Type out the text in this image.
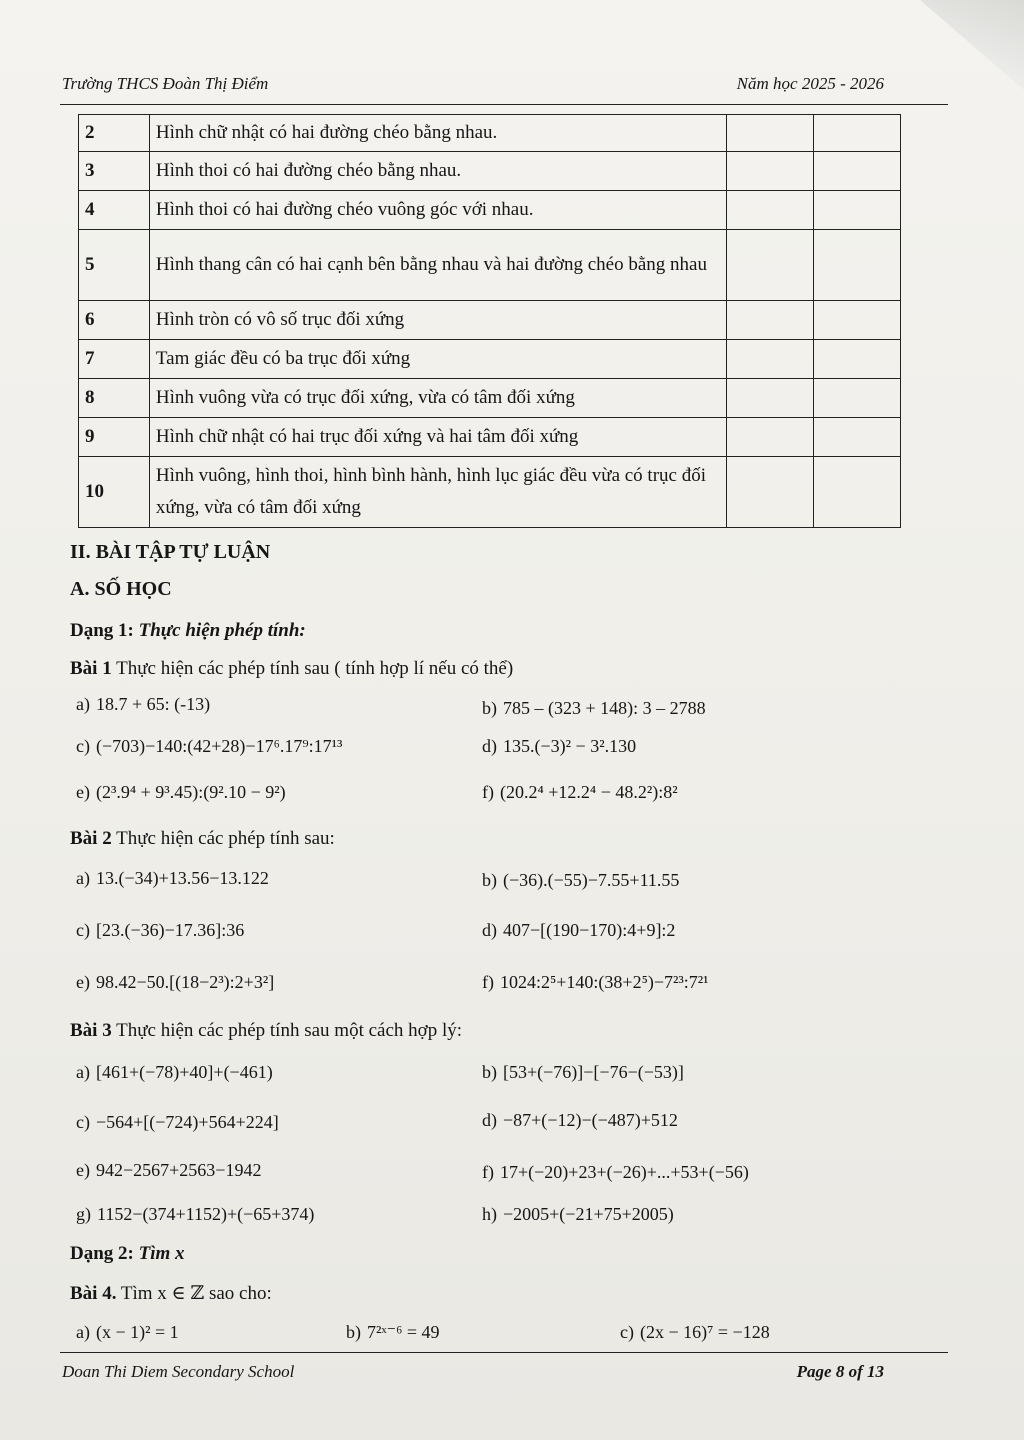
Trường THCS Đoàn Thị Điểm	Năm học 2025 - 2026
2	Hình chữ nhật có hai đường chéo bằng nhau.		
3	Hình thoi có hai đường chéo bằng nhau.		
4	Hình thoi có hai đường chéo vuông góc với nhau.		
5	Hình thang cân có hai cạnh bên bằng nhau và hai đường chéo bằng nhau		
6	Hình tròn có vô số trục đối xứng		
7	Tam giác đều có ba trục đối xứng		
8	Hình vuông vừa có trục đối xứng, vừa có tâm đối xứng		
9	Hình chữ nhật có hai trục đối xứng và hai tâm đối xứng		
10	Hình vuông, hình thoi, hình bình hành, hình lục giác đều vừa có trục đối xứng, vừa có tâm đối xứng		
II. BÀI TẬP TỰ LUẬN
A. SỐ HỌC
Dạng 1: Thực hiện phép tính:
Bài 1 Thực hiện các phép tính sau ( tính hợp lí nếu có thể)
a) 18.7 + 65: (-13)	b) 785 – (323 + 148): 3 – 2788
c) (−703)−140:(42+28)−17⁶.17⁹:17¹³	d) 135.(−3)² − 3².130
e) (2³.9⁴ + 9³.45):(9².10 − 9²)	f) (20.2⁴ +12.2⁴ − 48.2²):8²
Bài 2 Thực hiện các phép tính sau:
a) 13.(−34)+13.56−13.122	b) (−36).(−55)−7.55+11.55
c) [23.(−36)−17.36]:36	d) 407−[(190−170):4+9]:2
e) 98.42−50.[(18−2³):2+3²]	f) 1024:2⁵+140:(38+2⁵)−7²³:7²¹
Bài 3 Thực hiện các phép tính sau một cách hợp lý:
a) [461+(−78)+40]+(−461)	b) [53+(−76)]−[−76−(−53)]
c) −564+[(−724)+564+224]	d) −87+(−12)−(−487)+512
e) 942−2567+2563−1942	f) 17+(−20)+23+(−26)+...+53+(−56)
g) 1152−(374+1152)+(−65+374)	h) −2005+(−21+75+2005)
Dạng 2: Tìm x
Bài 4. Tìm x ∈ ℤ sao cho:
a) (x − 1)² = 1	b) 7²ˣ⁻⁶ = 49	c) (2x − 16)⁷ = −128
Doan Thi Diem Secondary School	Page 8 of 13
